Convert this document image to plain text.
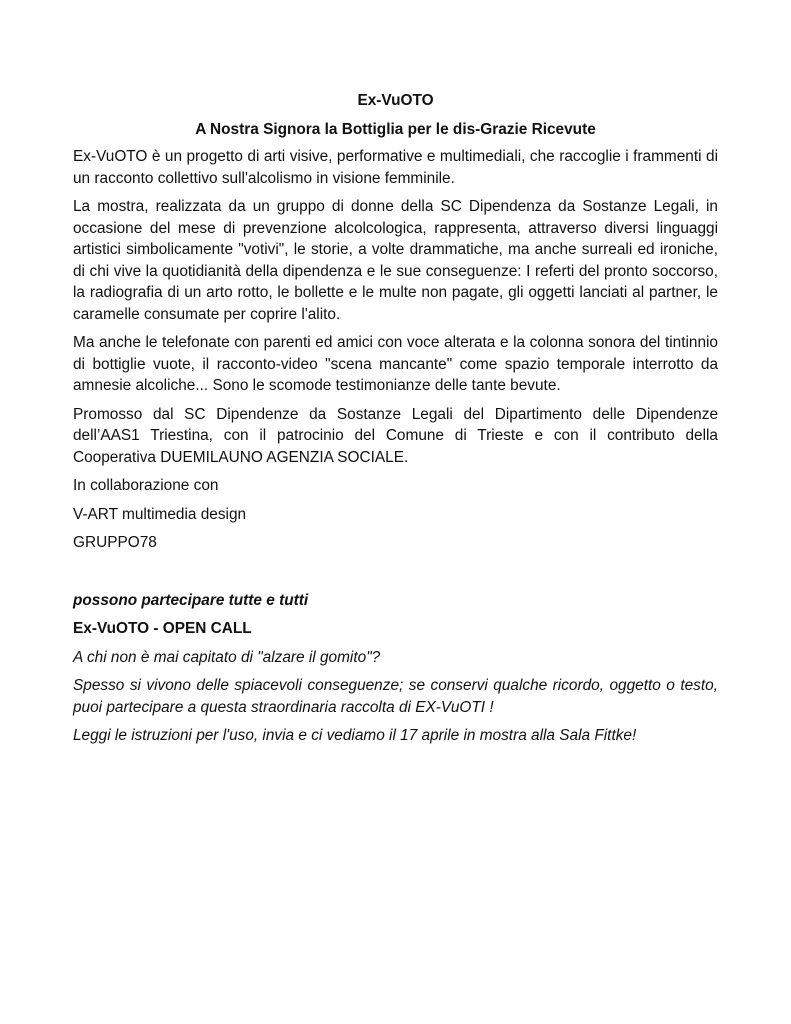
Ex-VuOTO
A Nostra Signora la Bottiglia per le dis-Grazie Ricevute

Ex-VuOTO è un progetto di arti visive, performative e multimediali, che raccoglie i frammenti di un racconto collettivo sull'alcolismo in visione femminile.

La mostra, realizzata da un gruppo di donne della SC Dipendenza da Sostanze Legali, in occasione del mese di prevenzione alcolcologica, rappresenta, attraverso diversi linguaggi artistici simbolicamente "votivi", le storie, a volte drammatiche, ma anche surreali ed ironiche, di chi vive la quotidianità della dipendenza e le sue conseguenze: I referti del pronto soccorso, la radiografia di un arto rotto, le bollette e le multe non pagate, gli oggetti lanciati al partner, le caramelle consumate per coprire l'alito.

Ma anche le telefonate con parenti ed amici con voce alterata e la colonna sonora del tintinnio di bottiglie vuote, il racconto-video "scena mancante" come spazio temporale interrotto da amnesie alcoliche... Sono le scomode testimonianze delle tante bevute.

Promosso dal SC Dipendenze da Sostanze Legali del Dipartimento delle Dipendenze dell’AAS1 Triestina, con il patrocinio del Comune di Trieste e con il contributo della Cooperativa DUEMILAUNO AGENZIA SOCIALE.

In collaborazione con

V-ART multimedia design

GRUPPO78

possono partecipare tutte e tutti

Ex-VuOTO - OPEN CALL

A chi non è mai capitato di "alzare il gomito"?

Spesso si vivono delle spiacevoli conseguenze; se conservi qualche ricordo, oggetto o testo, puoi partecipare a questa straordinaria raccolta di EX-VuOTI !

Leggi le istruzioni per l'uso, invia e ci vediamo il 17 aprile in mostra alla Sala Fittke!
